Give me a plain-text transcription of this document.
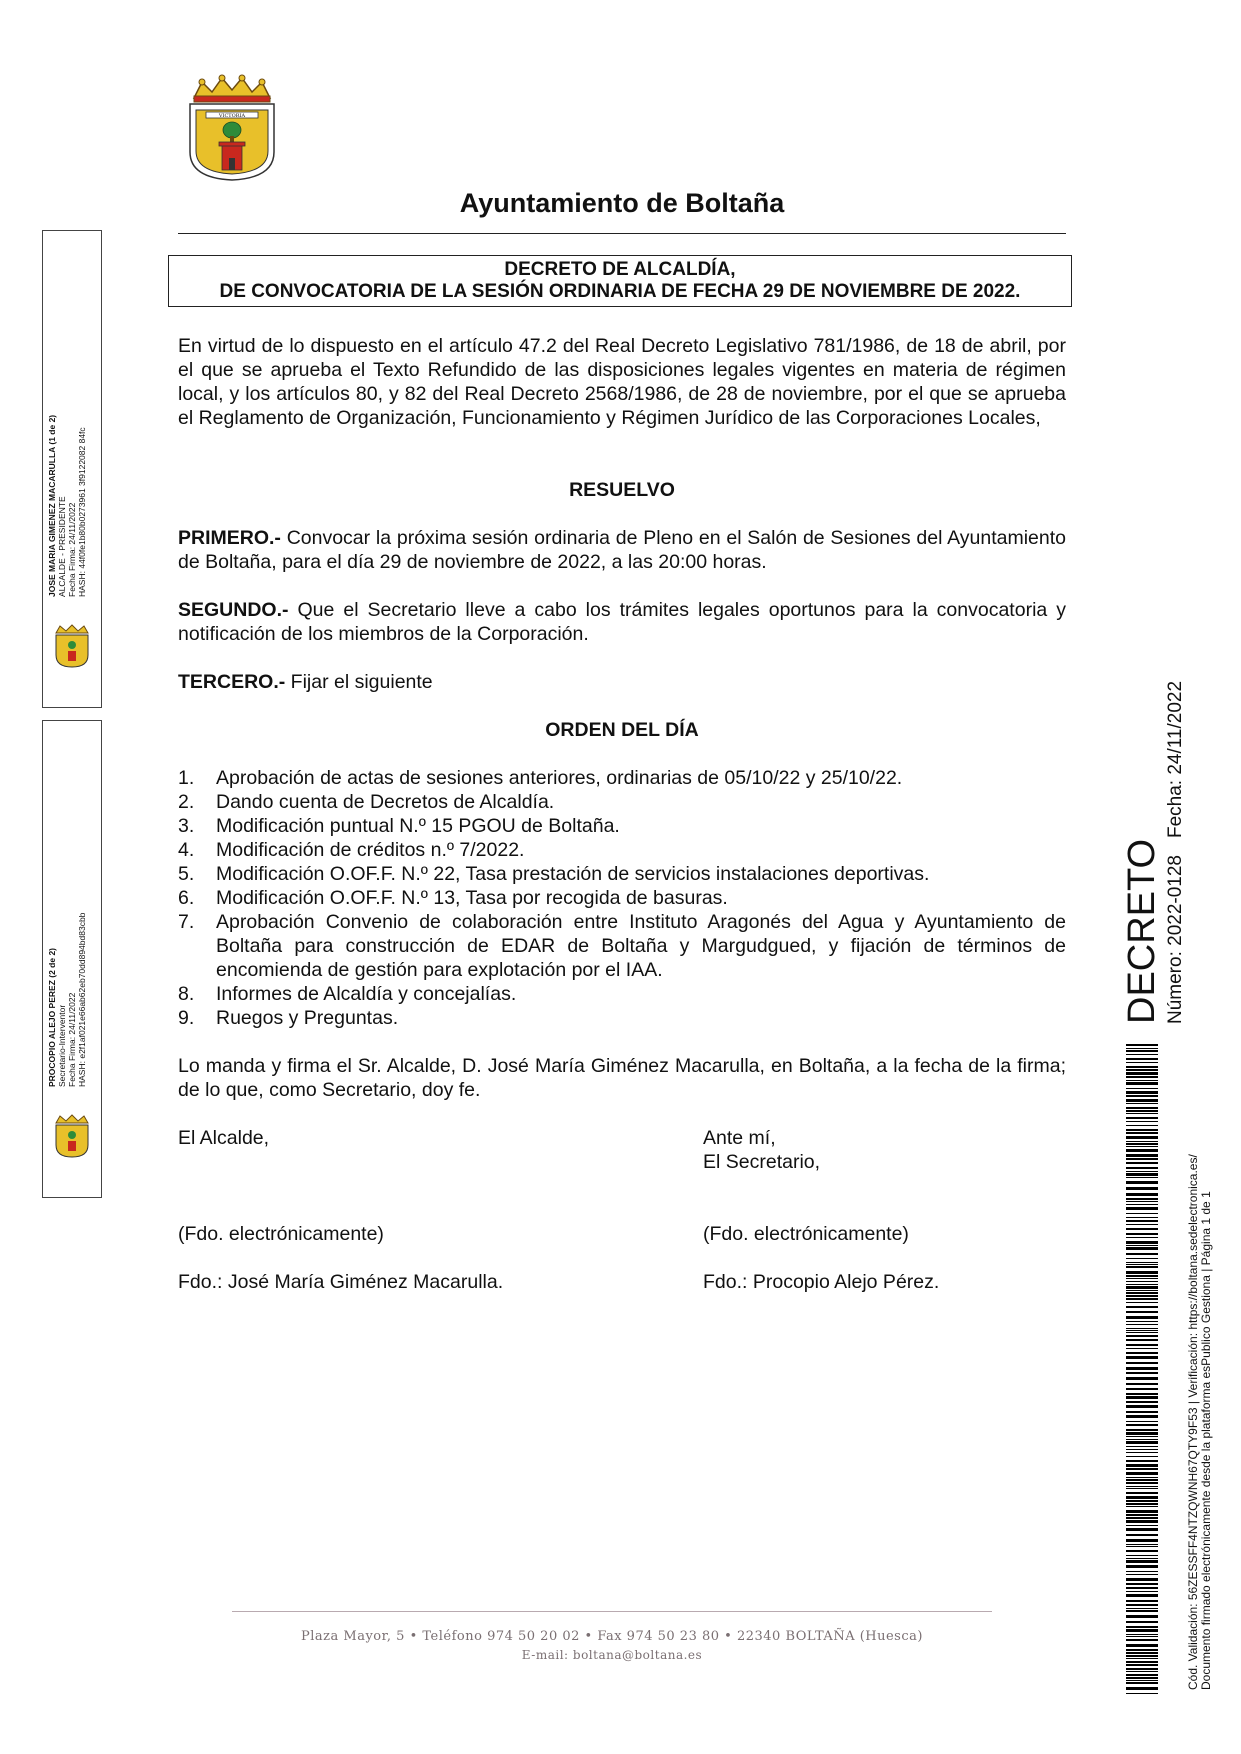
VICTORIA
Ayuntamiento de Boltaña
DECRETO DE ALCALDÍA,
DE CONVOCATORIA DE LA SESIÓN ORDINARIA DE FECHA 29 DE NOVIEMBRE DE 2022.
En virtud de lo dispuesto en el artículo 47.2 del Real Decreto Legislativo 781/1986, de 18 de abril, por el que se aprueba el Texto Refundido de las disposiciones legales vigentes en materia de régimen local, y los artículos 80, y 82 del Real Decreto 2568/1986, de 28 de noviembre, por el que se aprueba el Reglamento de Organización, Funcionamiento y Régimen Jurídico de las Corporaciones Locales,
RESUELVO
PRIMERO.- Convocar la próxima sesión ordinaria de Pleno en el Salón de Sesiones del Ayuntamiento de Boltaña, para el día 29 de noviembre de 2022, a las 20:00 horas.
SEGUNDO.- Que el Secretario lleve a cabo los trámites legales oportunos para la convocatoria y notificación de los miembros de la Corporación.
TERCERO.- Fijar el siguiente
ORDEN DEL DÍA
1. Aprobación de actas de sesiones anteriores, ordinarias de 05/10/22 y 25/10/22.
2. Dando cuenta de Decretos de Alcaldía.
3. Modificación puntual N.º 15 PGOU de Boltaña.
4. Modificación de créditos n.º 7/2022.
5. Modificación O.OF.F. N.º 22, Tasa prestación de servicios instalaciones deportivas.
6. Modificación O.OF.F. N.º 13, Tasa por recogida de basuras.
7. Aprobación Convenio de colaboración entre Instituto Aragonés del Agua y Ayuntamiento de Boltaña para construcción de EDAR de Boltaña y Margudgued, y fijación de términos de encomienda de gestión para explotación por el IAA.
8. Informes de Alcaldía y concejalías.
9. Ruegos y Preguntas.
Lo manda y firma el Sr. Alcalde, D. José María Giménez Macarulla, en Boltaña, a la fecha de la firma; de lo que, como Secretario, doy fe.
El Alcalde,
(Fdo. electrónicamente)
Fdo.: José María Giménez Macarulla.
Ante mí,
El Secretario,
(Fdo. electrónicamente)
Fdo.: Procopio Alejo Pérez.
JOSE MARIA GIMENEZ MACARULLA (1 de 2) ALCALDE - PRESIDENTE Fecha Firma: 24/11/2022 HASH: 44f0fe1b80b0273961 3f9122082 84fc
PROCOPIO ALEJO PEREZ (2 de 2) Secretario-Interventor Fecha Firma: 24/11/2022 HASH: e2f1af021e66ab62eb70dd894bd83cbb	DECRETO Número: 2022-0128
Fecha: 24/11/2022
Cód. Validación: 56ZESSFF4NTZQWNH67QTY9F53 | Verificación: https://boltana.sedelectronica.es/ Documento firmado electrónicamente desde la plataforma esPublico Gestiona | Página 1 de 1
Plaza Mayor, 5 • Teléfono 974 50 20 02 • Fax 974 50 23 80 • 22340 BOLTAÑA (Huesca)
E-mail: boltana@boltana.es
